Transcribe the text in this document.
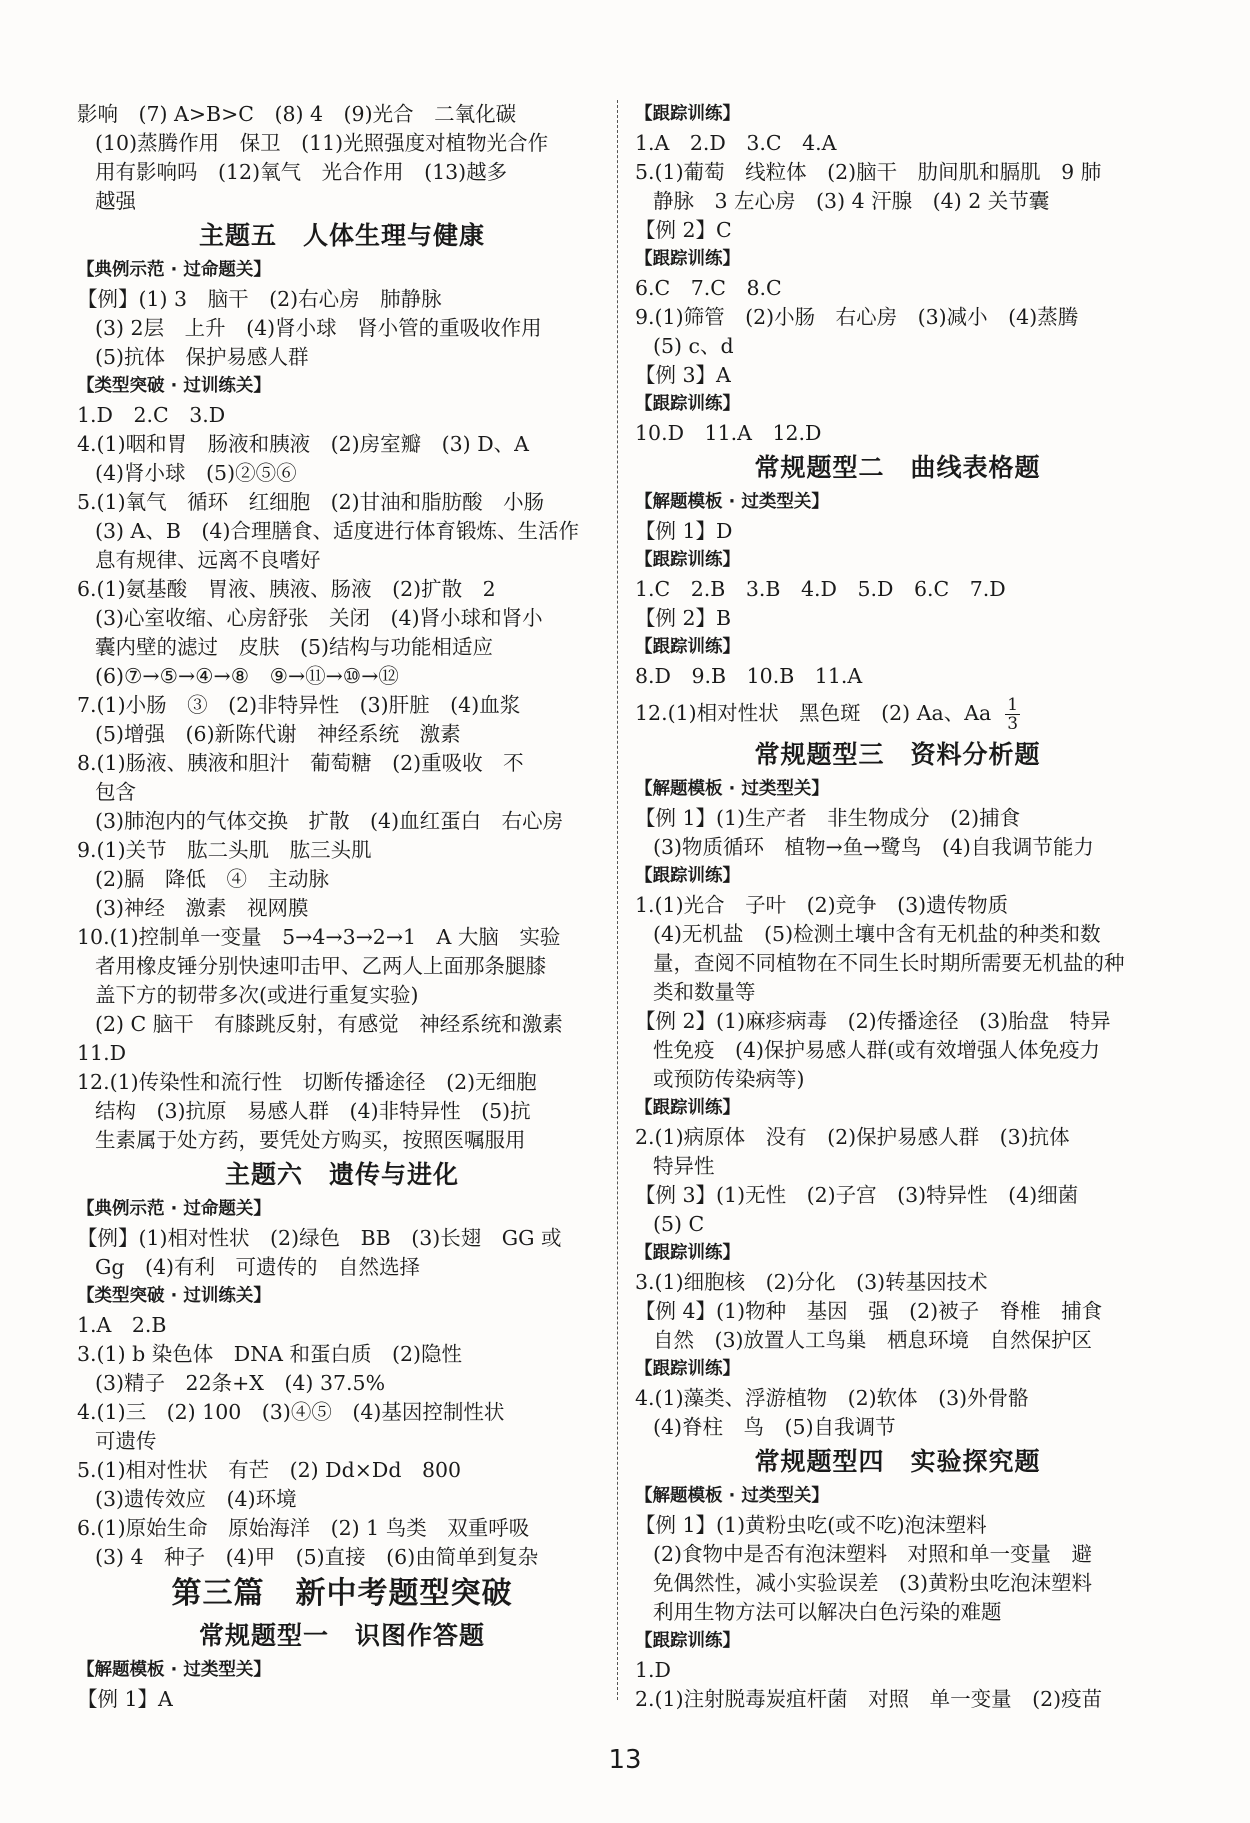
影响　(7) A>B>C　(8) 4　(9)光合　二氧化碳
(10)蒸腾作用　保卫　(11)光照强度对植物光合作
用有影响吗　(12)氧气　光合作用　(13)越多
越强
主题五　人体生理与健康
【典例示范 · 过命题关】
【例】(1) 3　脑干　(2)右心房　肺静脉
(3) 2层　上升　(4)肾小球　肾小管的重吸收作用
(5)抗体　保护易感人群
【类型突破 · 过训练关】
1.D　2.C　3.D
4.(1)咽和胃　肠液和胰液　(2)房室瓣　(3) D、A
(4)肾小球　(5)②⑤⑥
5.(1)氧气　循环　红细胞　(2)甘油和脂肪酸　小肠
(3) A、B　(4)合理膳食、适度进行体育锻炼、生活作
息有规律、远离不良嗜好
6.(1)氨基酸　胃液、胰液、肠液　(2)扩散　2
(3)心室收缩、心房舒张　关闭　(4)肾小球和肾小
囊内壁的滤过　皮肤　(5)结构与功能相适应
(6)⑦→⑤→④→⑧　⑨→⑪→⑩→⑫
7.(1)小肠　③　(2)非特异性　(3)肝脏　(4)血浆
(5)增强　(6)新陈代谢　神经系统　激素
8.(1)肠液、胰液和胆汁　葡萄糖　(2)重吸收　不
包含
(3)肺泡内的气体交换　扩散　(4)血红蛋白　右心房
9.(1)关节　肱二头肌　肱三头肌
(2)膈　降低　④　主动脉
(3)神经　激素　视网膜
10.(1)控制单一变量　5→4→3→2→1　A 大脑　实验
者用橡皮锤分别快速叩击甲、乙两人上面那条腿膝
盖下方的韧带多次(或进行重复实验)
(2) C 脑干　有膝跳反射，有感觉　神经系统和激素
11.D
12.(1)传染性和流行性　切断传播途径　(2)无细胞
结构　(3)抗原　易感人群　(4)非特异性　(5)抗
生素属于处方药，要凭处方购买，按照医嘱服用
主题六　遗传与进化
【典例示范 · 过命题关】
【例】(1)相对性状　(2)绿色　BB　(3)长翅　GG 或
Gg　(4)有利　可遗传的　自然选择
【类型突破 · 过训练关】
1.A　2.B
3.(1) b 染色体　DNA 和蛋白质　(2)隐性
(3)精子　22条+X　(4) 37.5%
4.(1)三　(2) 100　(3)④⑤　(4)基因控制性状
可遗传
5.(1)相对性状　有芒　(2) Dd×Dd　800
(3)遗传效应　(4)环境
6.(1)原始生命　原始海洋　(2) 1 鸟类　双重呼吸
(3) 4　种子　(4)甲　(5)直接　(6)由简单到复杂
第三篇　新中考题型突破
常规题型一　识图作答题
【解题模板 · 过类型关】
【例 1】A
【跟踪训练】
1.A　2.D　3.C　4.A
5.(1)葡萄　线粒体　(2)脑干　肋间肌和膈肌　9 肺
静脉　3 左心房　(3) 4 汗腺　(4) 2 关节囊
【例 2】C
【跟踪训练】
6.C　7.C　8.C
9.(1)筛管　(2)小肠　右心房　(3)减小　(4)蒸腾
(5) c、d
【例 3】A
【跟踪训练】
10.D　11.A　12.D
常规题型二　曲线表格题
【解题模板 · 过类型关】
【例 1】D
【跟踪训练】
1.C　2.B　3.B　4.D　5.D　6.C　7.D
【例 2】B
【跟踪训练】
8.D　9.B　10.B　11.A
12.(1)相对性状　黑色斑　(2) Aa、Aa $\frac{1}{3}$
常规题型三　资料分析题
【解题模板 · 过类型关】
【例 1】(1)生产者　非生物成分　(2)捕食
(3)物质循环　植物→鱼→鹭鸟　(4)自我调节能力
【跟踪训练】
1.(1)光合　子叶　(2)竞争　(3)遗传物质
(4)无机盐　(5)检测土壤中含有无机盐的种类和数
量，查阅不同植物在不同生长时期所需要无机盐的种
类和数量等
【例 2】(1)麻疹病毒　(2)传播途径　(3)胎盘　特异
性免疫　(4)保护易感人群(或有效增强人体免疫力
或预防传染病等)
【跟踪训练】
2.(1)病原体　没有　(2)保护易感人群　(3)抗体
特异性
【例 3】(1)无性　(2)子宫　(3)特异性　(4)细菌
(5) C
【跟踪训练】
3.(1)细胞核　(2)分化　(3)转基因技术
【例 4】(1)物种　基因　强　(2)被子　脊椎　捕食
自然　(3)放置人工鸟巢　栖息环境　自然保护区
【跟踪训练】
4.(1)藻类、浮游植物　(2)软体　(3)外骨骼
(4)脊柱　鸟　(5)自我调节
常规题型四　实验探究题
【解题模板 · 过类型关】
【例 1】(1)黄粉虫吃(或不吃)泡沫塑料
(2)食物中是否有泡沫塑料　对照和单一变量　避
免偶然性，减小实验误差　(3)黄粉虫吃泡沫塑料
利用生物方法可以解决白色污染的难题
【跟踪训练】
1.D
2.(1)注射脱毒炭疽杆菌　对照　单一变量　(2)疫苗
13
